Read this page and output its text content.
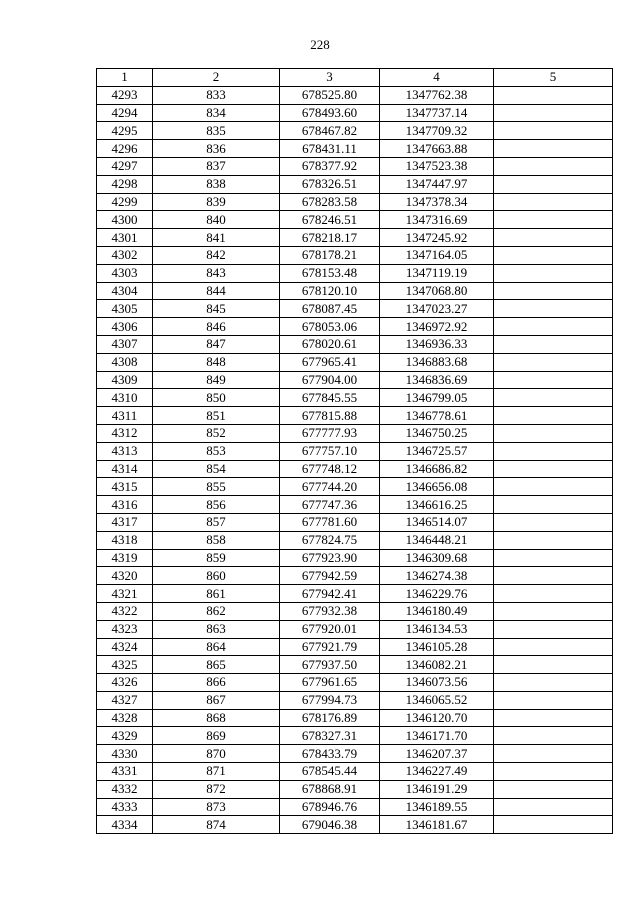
228
1	2	3	4	5
4293	833	678525.80	1347762.38	
4294	834	678493.60	1347737.14	
4295	835	678467.82	1347709.32	
4296	836	678431.11	1347663.88	
4297	837	678377.92	1347523.38	
4298	838	678326.51	1347447.97	
4299	839	678283.58	1347378.34	
4300	840	678246.51	1347316.69	
4301	841	678218.17	1347245.92	
4302	842	678178.21	1347164.05	
4303	843	678153.48	1347119.19	
4304	844	678120.10	1347068.80	
4305	845	678087.45	1347023.27	
4306	846	678053.06	1346972.92	
4307	847	678020.61	1346936.33	
4308	848	677965.41	1346883.68	
4309	849	677904.00	1346836.69	
4310	850	677845.55	1346799.05	
4311	851	677815.88	1346778.61	
4312	852	677777.93	1346750.25	
4313	853	677757.10	1346725.57	
4314	854	677748.12	1346686.82	
4315	855	677744.20	1346656.08	
4316	856	677747.36	1346616.25	
4317	857	677781.60	1346514.07	
4318	858	677824.75	1346448.21	
4319	859	677923.90	1346309.68	
4320	860	677942.59	1346274.38	
4321	861	677942.41	1346229.76	
4322	862	677932.38	1346180.49	
4323	863	677920.01	1346134.53	
4324	864	677921.79	1346105.28	
4325	865	677937.50	1346082.21	
4326	866	677961.65	1346073.56	
4327	867	677994.73	1346065.52	
4328	868	678176.89	1346120.70	
4329	869	678327.31	1346171.70	
4330	870	678433.79	1346207.37	
4331	871	678545.44	1346227.49	
4332	872	678868.91	1346191.29	
4333	873	678946.76	1346189.55	
4334	874	679046.38	1346181.67	
